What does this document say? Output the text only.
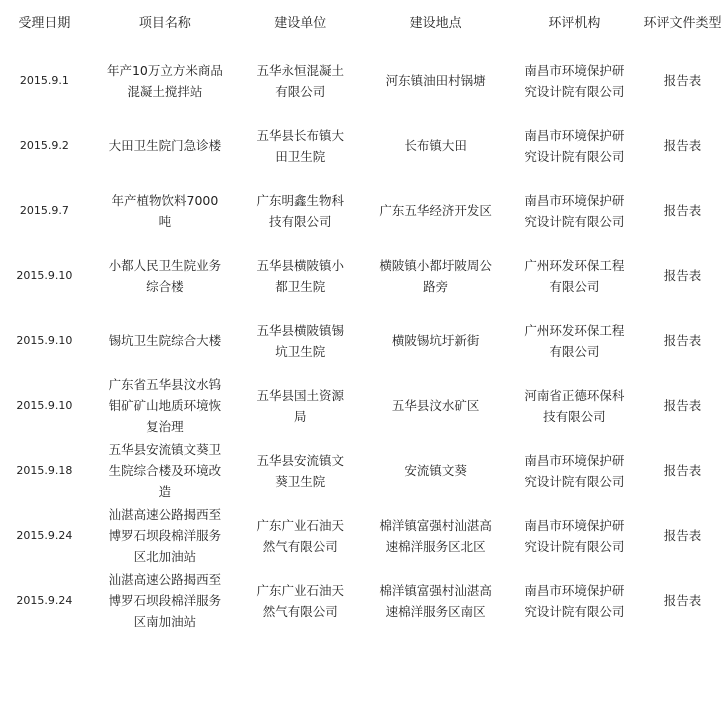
受理日期	项目名称	建设单位	建设地点	环评机构	环评文件类型
2015.9.1	年产10万立方米商品混凝土搅拌站	五华永恒混凝土有限公司	河东镇油田村锅塘	南昌市环境保护研究设计院有限公司	报告表
2015.9.2	大田卫生院门急诊楼	五华县长布镇大田卫生院	长布镇大田	南昌市环境保护研究设计院有限公司	报告表
2015.9.7	年产植物饮料7000吨	广东明鑫生物科技有限公司	广东五华经济开发区	南昌市环境保护研究设计院有限公司	报告表
2015.9.10	小都人民卫生院业务综合楼	五华县横陂镇小都卫生院	横陂镇小都圩陂周公路旁	广州环发环保工程有限公司	报告表
2015.9.10	锡坑卫生院综合大楼	五华县横陂镇锡坑卫生院	横陂锡坑圩新街	广州环发环保工程有限公司	报告表
2015.9.10	广东省五华县汶水钨钼矿矿山地质环境恢复治理	五华县国土资源局	五华县汶水矿区	河南省正德环保科技有限公司	报告表
2015.9.18	五华县安流镇文葵卫生院综合楼及环境改造	五华县安流镇文葵卫生院	安流镇文葵	南昌市环境保护研究设计院有限公司	报告表
2015.9.24	汕湛高速公路揭西至博罗石坝段棉洋服务区北加油站	广东广业石油天然气有限公司	棉洋镇富强村汕湛高速棉洋服务区北区	南昌市环境保护研究设计院有限公司	报告表
2015.9.24	汕湛高速公路揭西至博罗石坝段棉洋服务区南加油站	广东广业石油天然气有限公司	棉洋镇富强村汕湛高速棉洋服务区南区	南昌市环境保护研究设计院有限公司	报告表
